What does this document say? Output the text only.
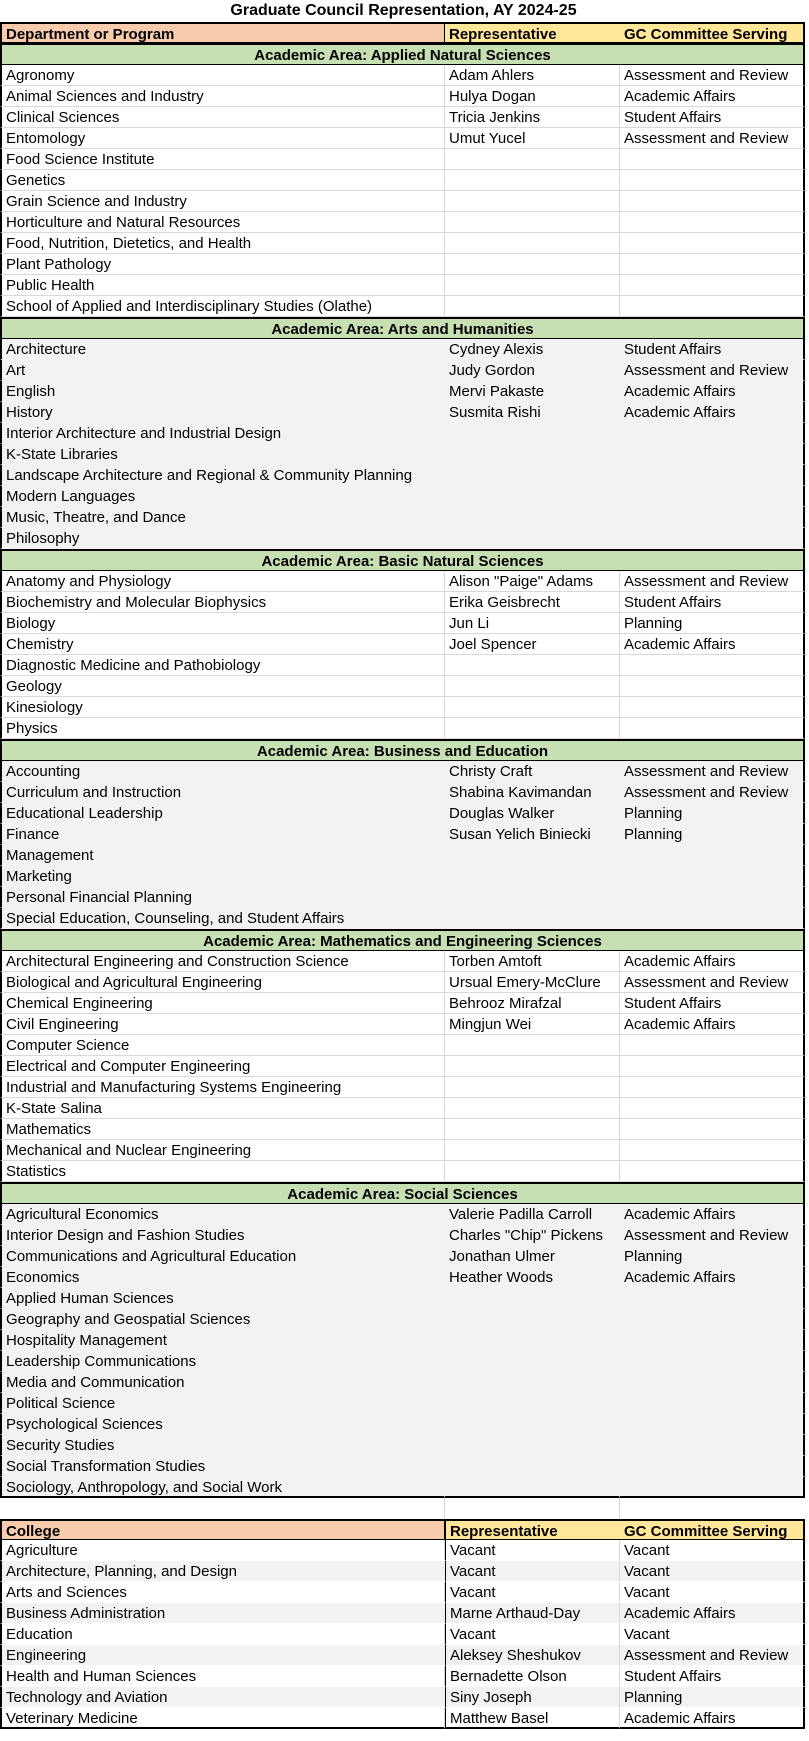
Graduate Council Representation, AY 2024-25
Department or Program	Representative	GC Committee Serving
Academic Area: Applied Natural Sciences
Agronomy	Adam Ahlers	Assessment and Review
Animal Sciences and Industry	Hulya Dogan	Academic Affairs
Clinical Sciences	Tricia Jenkins	Student Affairs
Entomology	Umut Yucel	Assessment and Review
Food Science Institute
Genetics
Grain Science and Industry
Horticulture and Natural Resources
Food, Nutrition, Dietetics, and Health
Plant Pathology
Public Health
School of Applied and Interdisciplinary Studies (Olathe)
Academic Area: Arts and Humanities
Architecture	Cydney Alexis	Student Affairs
Art	Judy Gordon	Assessment and Review
English	Mervi Pakaste	Academic Affairs
History	Susmita Rishi	Academic Affairs
Interior Architecture and Industrial Design
K-State Libraries
Landscape Architecture and Regional & Community Planning
Modern Languages
Music, Theatre, and Dance
Philosophy
Academic Area: Basic Natural Sciences
Anatomy and Physiology	Alison "Paige" Adams	Assessment and Review
Biochemistry and Molecular Biophysics	Erika Geisbrecht	Student Affairs
Biology	Jun Li	Planning
Chemistry	Joel Spencer	Academic Affairs
Diagnostic Medicine and Pathobiology
Geology
Kinesiology
Physics
Academic Area: Business and Education
Accounting	Christy Craft	Assessment and Review
Curriculum and Instruction	Shabina Kavimandan	Assessment and Review
Educational Leadership	Douglas Walker	Planning
Finance	Susan Yelich Biniecki	Planning
Management
Marketing
Personal Financial Planning
Special Education, Counseling, and Student Affairs
Academic Area: Mathematics and Engineering Sciences
Architectural Engineering and Construction Science	Torben Amtoft	Academic Affairs
Biological and Agricultural Engineering	Ursual Emery-McClure	Assessment and Review
Chemical Engineering	Behrooz Mirafzal	Student Affairs
Civil Engineering	Mingjun Wei	Academic Affairs
Computer Science
Electrical and Computer Engineering
Industrial and Manufacturing Systems Engineering
K-State Salina
Mathematics
Mechanical and Nuclear Engineering
Statistics
Academic Area: Social Sciences
Agricultural Economics	Valerie Padilla Carroll	Academic Affairs
Interior Design and Fashion Studies	Charles "Chip" Pickens	Assessment and Review
Communications and Agricultural Education	Jonathan Ulmer	Planning
Economics	Heather Woods	Academic Affairs
Applied Human Sciences
Geography and Geospatial Sciences
Hospitality Management
Leadership Communications
Media and Communication
Political Science
Psychological Sciences
Security Studies
Social Transformation Studies
Sociology, Anthropology, and Social Work
College	Representative	GC Committee Serving
Agriculture	Vacant	Vacant
Architecture, Planning, and Design	Vacant	Vacant
Arts and Sciences	Vacant	Vacant
Business Administration	Marne Arthaud-Day	Academic Affairs
Education	Vacant	Vacant
Engineering	Aleksey Sheshukov	Assessment and Review
Health and Human Sciences	Bernadette Olson	Student Affairs
Technology and Aviation	Siny Joseph	Planning
Veterinary Medicine	Matthew Basel	Academic Affairs
